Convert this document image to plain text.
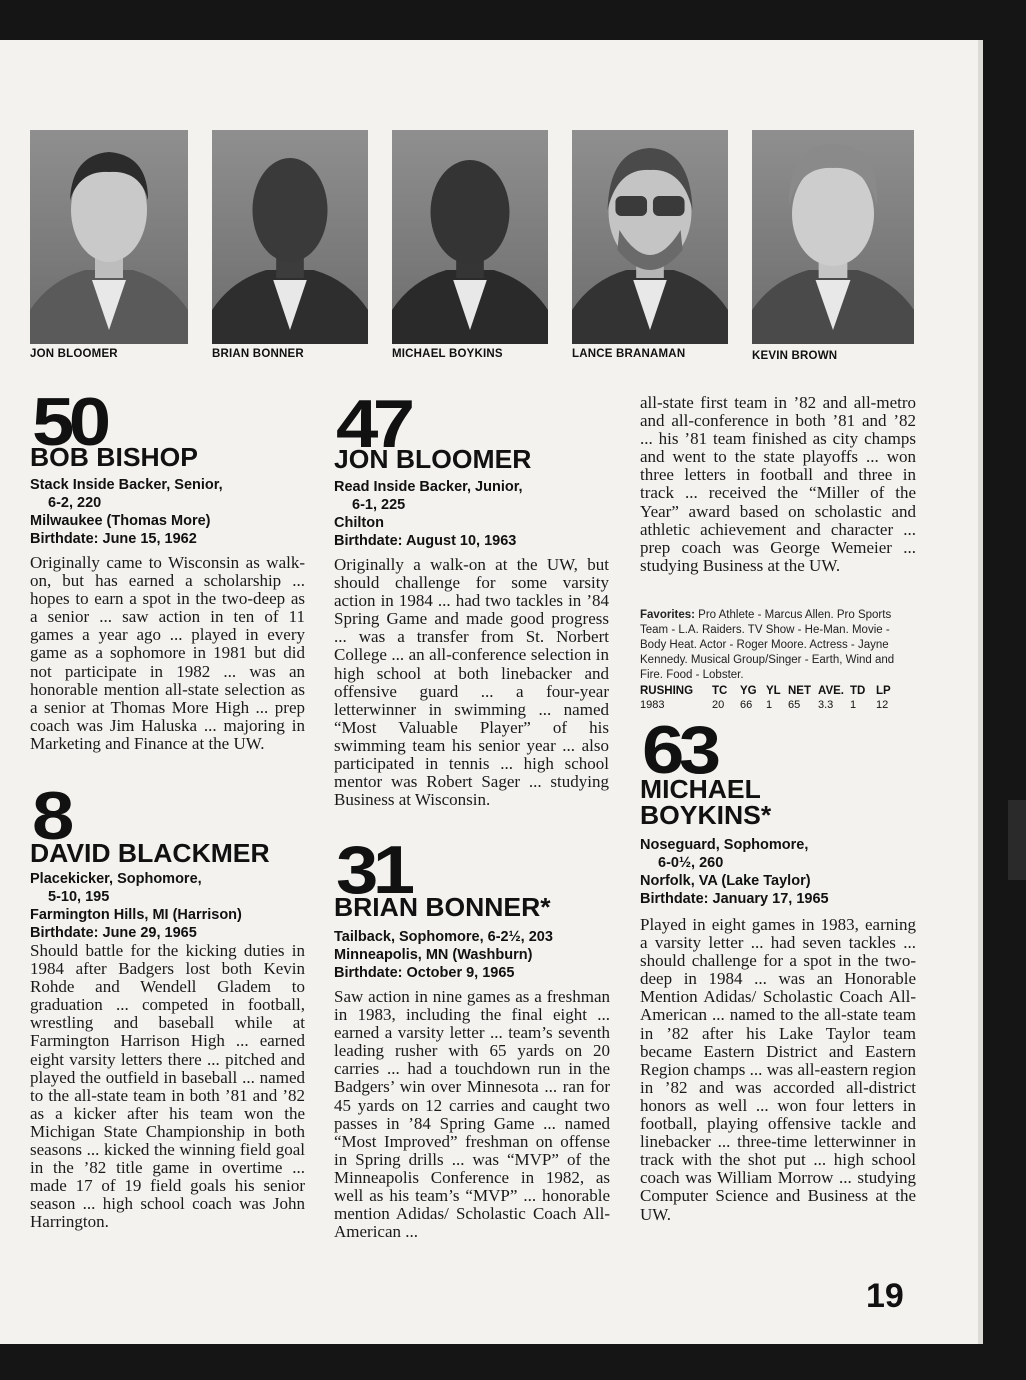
JON BLOOMER	BRIAN BONNER	MICHAEL BOYKINS	LANCE BRANAMAN	KEVIN BROWN
50
BOB BISHOP
Stack Inside Backer, Senior,
6-2, 220
Milwaukee (Thomas More)
Birthdate: June 15, 1962

Originally came to Wisconsin as walk-on, but has earned a scholarship ... hopes to earn a spot in the two-deep as a senior ... saw action in ten of 11 games a year ago ... played in every game as a sophomore in 1981 but did not participate in 1982 ... was an honorable mention all-state selection as a senior at Thomas More High ... prep coach was Jim Haluska ... majoring in Marketing and Finance at the UW.

8
DAVID BLACKMER
Placekicker, Sophomore,
5-10, 195
Farmington Hills, MI (Harrison)
Birthdate: June 29, 1965

Should battle for the kicking duties in 1984 after Badgers lost both Kevin Rohde and Wendell Gladem to graduation ... competed in football, wrestling and baseball while at Farmington Harrison High ... earned eight varsity letters there ... pitched and played the outfield in baseball ... named to the all-state team in both ’81 and ’82 as a kicker after his team won the Michigan State Championship in both seasons ... kicked the winning field goal in the ’82 title game in overtime ... made 17 of 19 field goals his senior season ... high school coach was John Harrington.

47
JON BLOOMER
Read Inside Backer, Junior,
6-1, 225
Chilton
Birthdate: August 10, 1963

Originally a walk-on at the UW, but should challenge for some varsity action in 1984 ... had two tackles in ’84 Spring Game and made good progress ... was a transfer from St. Norbert College ... an all-conference selection in high school at both linebacker and offensive guard ... a four-year letterwinner in swimming ... named “Most Valuable Player” of his swimming team his senior year ... also participated in tennis ... high school mentor was Robert Sager ... studying Business at Wisconsin.

31
BRIAN BONNER*
Tailback, Sophomore, 6-2½, 203
Minneapolis, MN (Washburn)
Birthdate: October 9, 1965

Saw action in nine games as a freshman in 1983, including the final eight ... earned a varsity letter ... team’s seventh leading rusher with 65 yards on 20 carries ... had a touchdown run in the Badgers’ win over Minnesota ... ran for 45 yards on 12 carries and caught two passes in ’84 Spring Game ... named “Most Improved” freshman on offense in Spring drills ... was “MVP” of the Minneapolis Conference in 1982, as well as his team’s “MVP” ... honorable mention Adidas/ Scholastic Coach All-American ...

all-state first team in ’82 and all-metro and all-conference in both ’81 and ’82 ... his ’81 team finished as city champs and went to the state playoffs ... won three letters in football and three in track ... received the “Miller of the Year” award based on scholastic and athletic achievement and character ... prep coach was George Wemeier ... studying Business at the UW.

Favorites: Pro Athlete - Marcus Allen. Pro Sports Team - L.A. Raiders. TV Show - He-Man. Movie - Body Heat. Actor - Roger Moore. Actress - Jayne Kennedy. Musical Group/Singer - Earth, Wind and Fire. Food - Lobster.

RUSHING	TC	YG	YL	NET	AVE.	TD	LP
1983	20	66	1	65	3.3	1	12
63
MICHAEL
BOYKINS*
Noseguard, Sophomore,
6-0½, 260
Norfolk, VA (Lake Taylor)
Birthdate: January 17, 1965

Played in eight games in 1983, earning a varsity letter ... had seven tackles ... should challenge for a spot in the two-deep in 1984 ... was an Honorable Mention Adidas/ Scholastic Coach All-American ... named to the all-state team in ’82 after his Lake Taylor team became Eastern District and Eastern Region champs ... was all-eastern region in ’82 and was accorded all-district honors as well ... won four letters in football, playing offensive tackle and linebacker ... three-time letterwinner in track with the shot put ... high school coach was William Morrow ... studying Computer Science and Business at the UW.

19
